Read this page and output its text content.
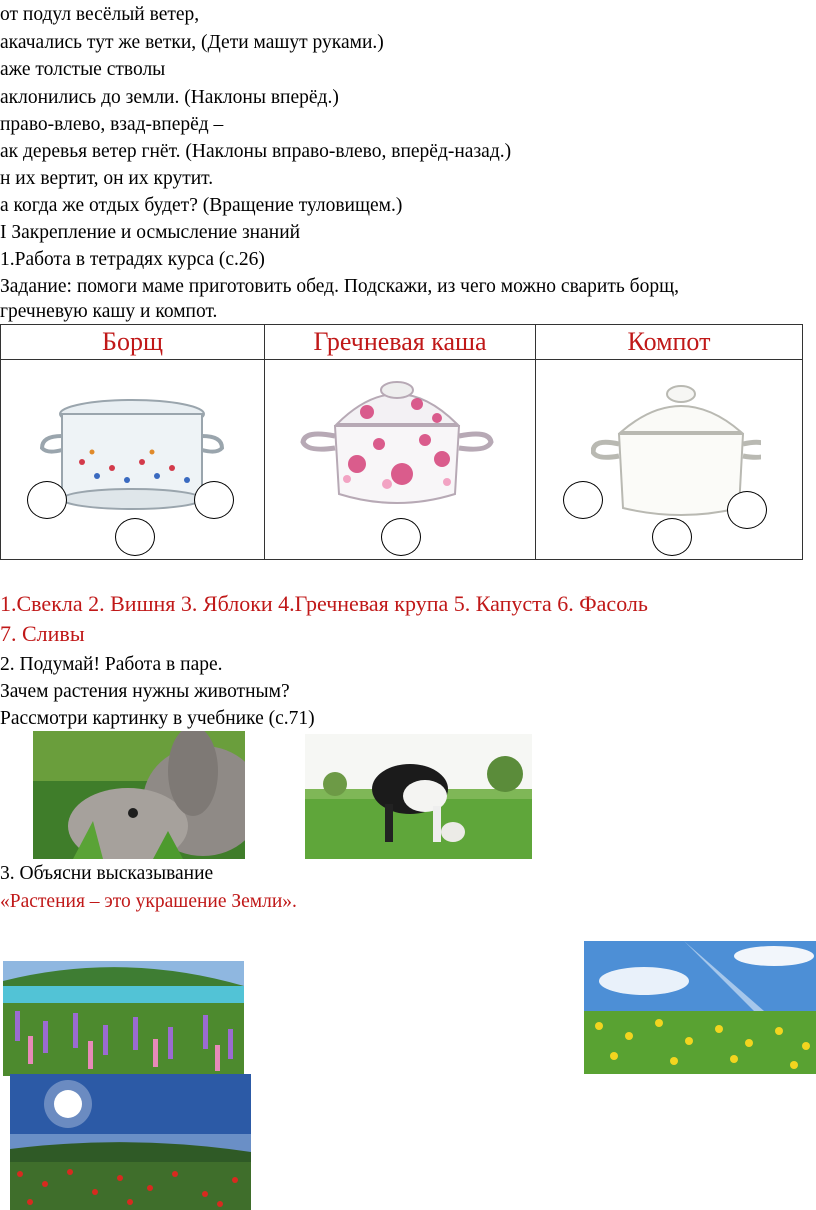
от подул весёлый ветер,
акачались тут же ветки, (Дети машут руками.)
аже толстые стволы
аклонились до земли. (Наклоны вперёд.)
право-влево, взад-вперёд –
ак деревья ветер гнёт. (Наклоны вправо-влево, вперёд-назад.)
н их вертит, он их крутит.
а когда же отдых будет? (Вращение туловищем.)
I Закрепление и осмысление знаний
1.Работа в тетрадях курса (с.26)
Задание: помоги маме приготовить обед. Подскажи, из чего можно сварить борщ,
гречневую кашу и компот.
Борщ	Гречневая каша	Компот

1.Свекла 2. Вишня 3. Яблоки 4.Гречневая крупа 5. Капуста 6. Фасоль
7. Сливы
2. Подумай! Работа в паре.
Зачем растения нужны животным?
Рассмотри картинку в учебнике (с.71)
3. Объясни высказывание
«Растения – это украшение Земли».
